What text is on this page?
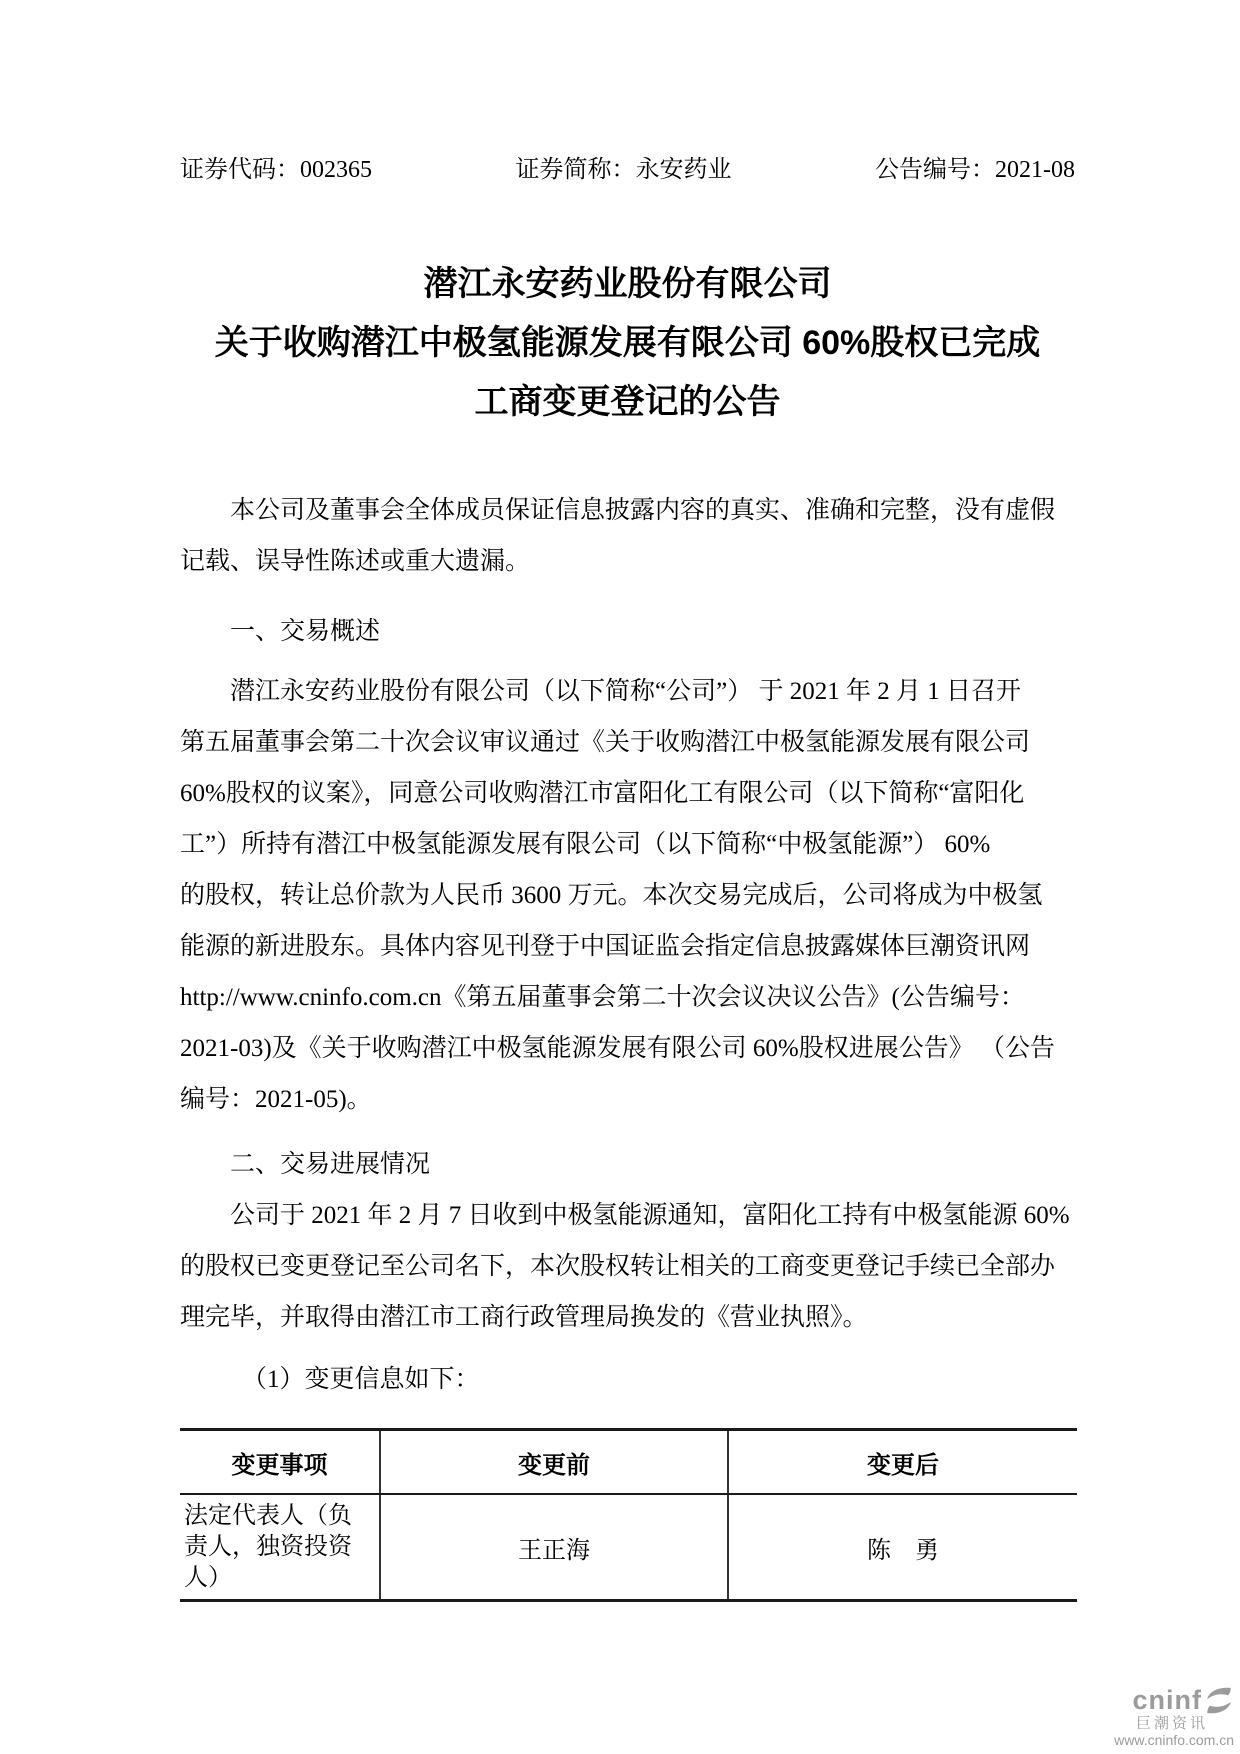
证券代码：002365	证券简称：永安药业	公告编号：2021-08
潜江永安药业股份有限公司
关于收购潜江中极氢能源发展有限公司 60%股权已完成
工商变更登记的公告
本公司及董事会全体成员保证信息披露内容的真实、准确和完整，没有虚假
记载、误导性陈述或重大遗漏。
一、交易概述
潜江永安药业股份有限公司（以下简称“公司”） 于 2021 年 2 月 1 日召开
第五届董事会第二十次会议审议通过《关于收购潜江中极氢能源发展有限公司
60%股权的议案》，同意公司收购潜江市富阳化工有限公司（以下简称“富阳化
工”）所持有潜江中极氢能源发展有限公司（以下简称“中极氢能源”） 60%
的股权，转让总价款为人民币 3600 万元。本次交易完成后，公司将成为中极氢
能源的新进股东。具体内容见刊登于中国证监会指定信息披露媒体巨潮资讯网
http://www.cninfo.com.cn《第五届董事会第二十次会议决议公告》(公告编号：
2021-03)及《关于收购潜江中极氢能源发展有限公司 60%股权进展公告》 （公告
编号：2021-05)。
二、交易进展情况
公司于 2021 年 2 月 7 日收到中极氢能源通知，富阳化工持有中极氢能源 60%
的股权已变更登记至公司名下，本次股权转让相关的工商变更登记手续已全部办
理完毕，并取得由潜江市工商行政管理局换发的《营业执照》。
（1）变更信息如下：
变更事项	变更前	变更后

法定代表人（负
责人，独资投资
人）	王正海	陈　勇
cninf
巨潮资讯
www.cninfo.com.cn
